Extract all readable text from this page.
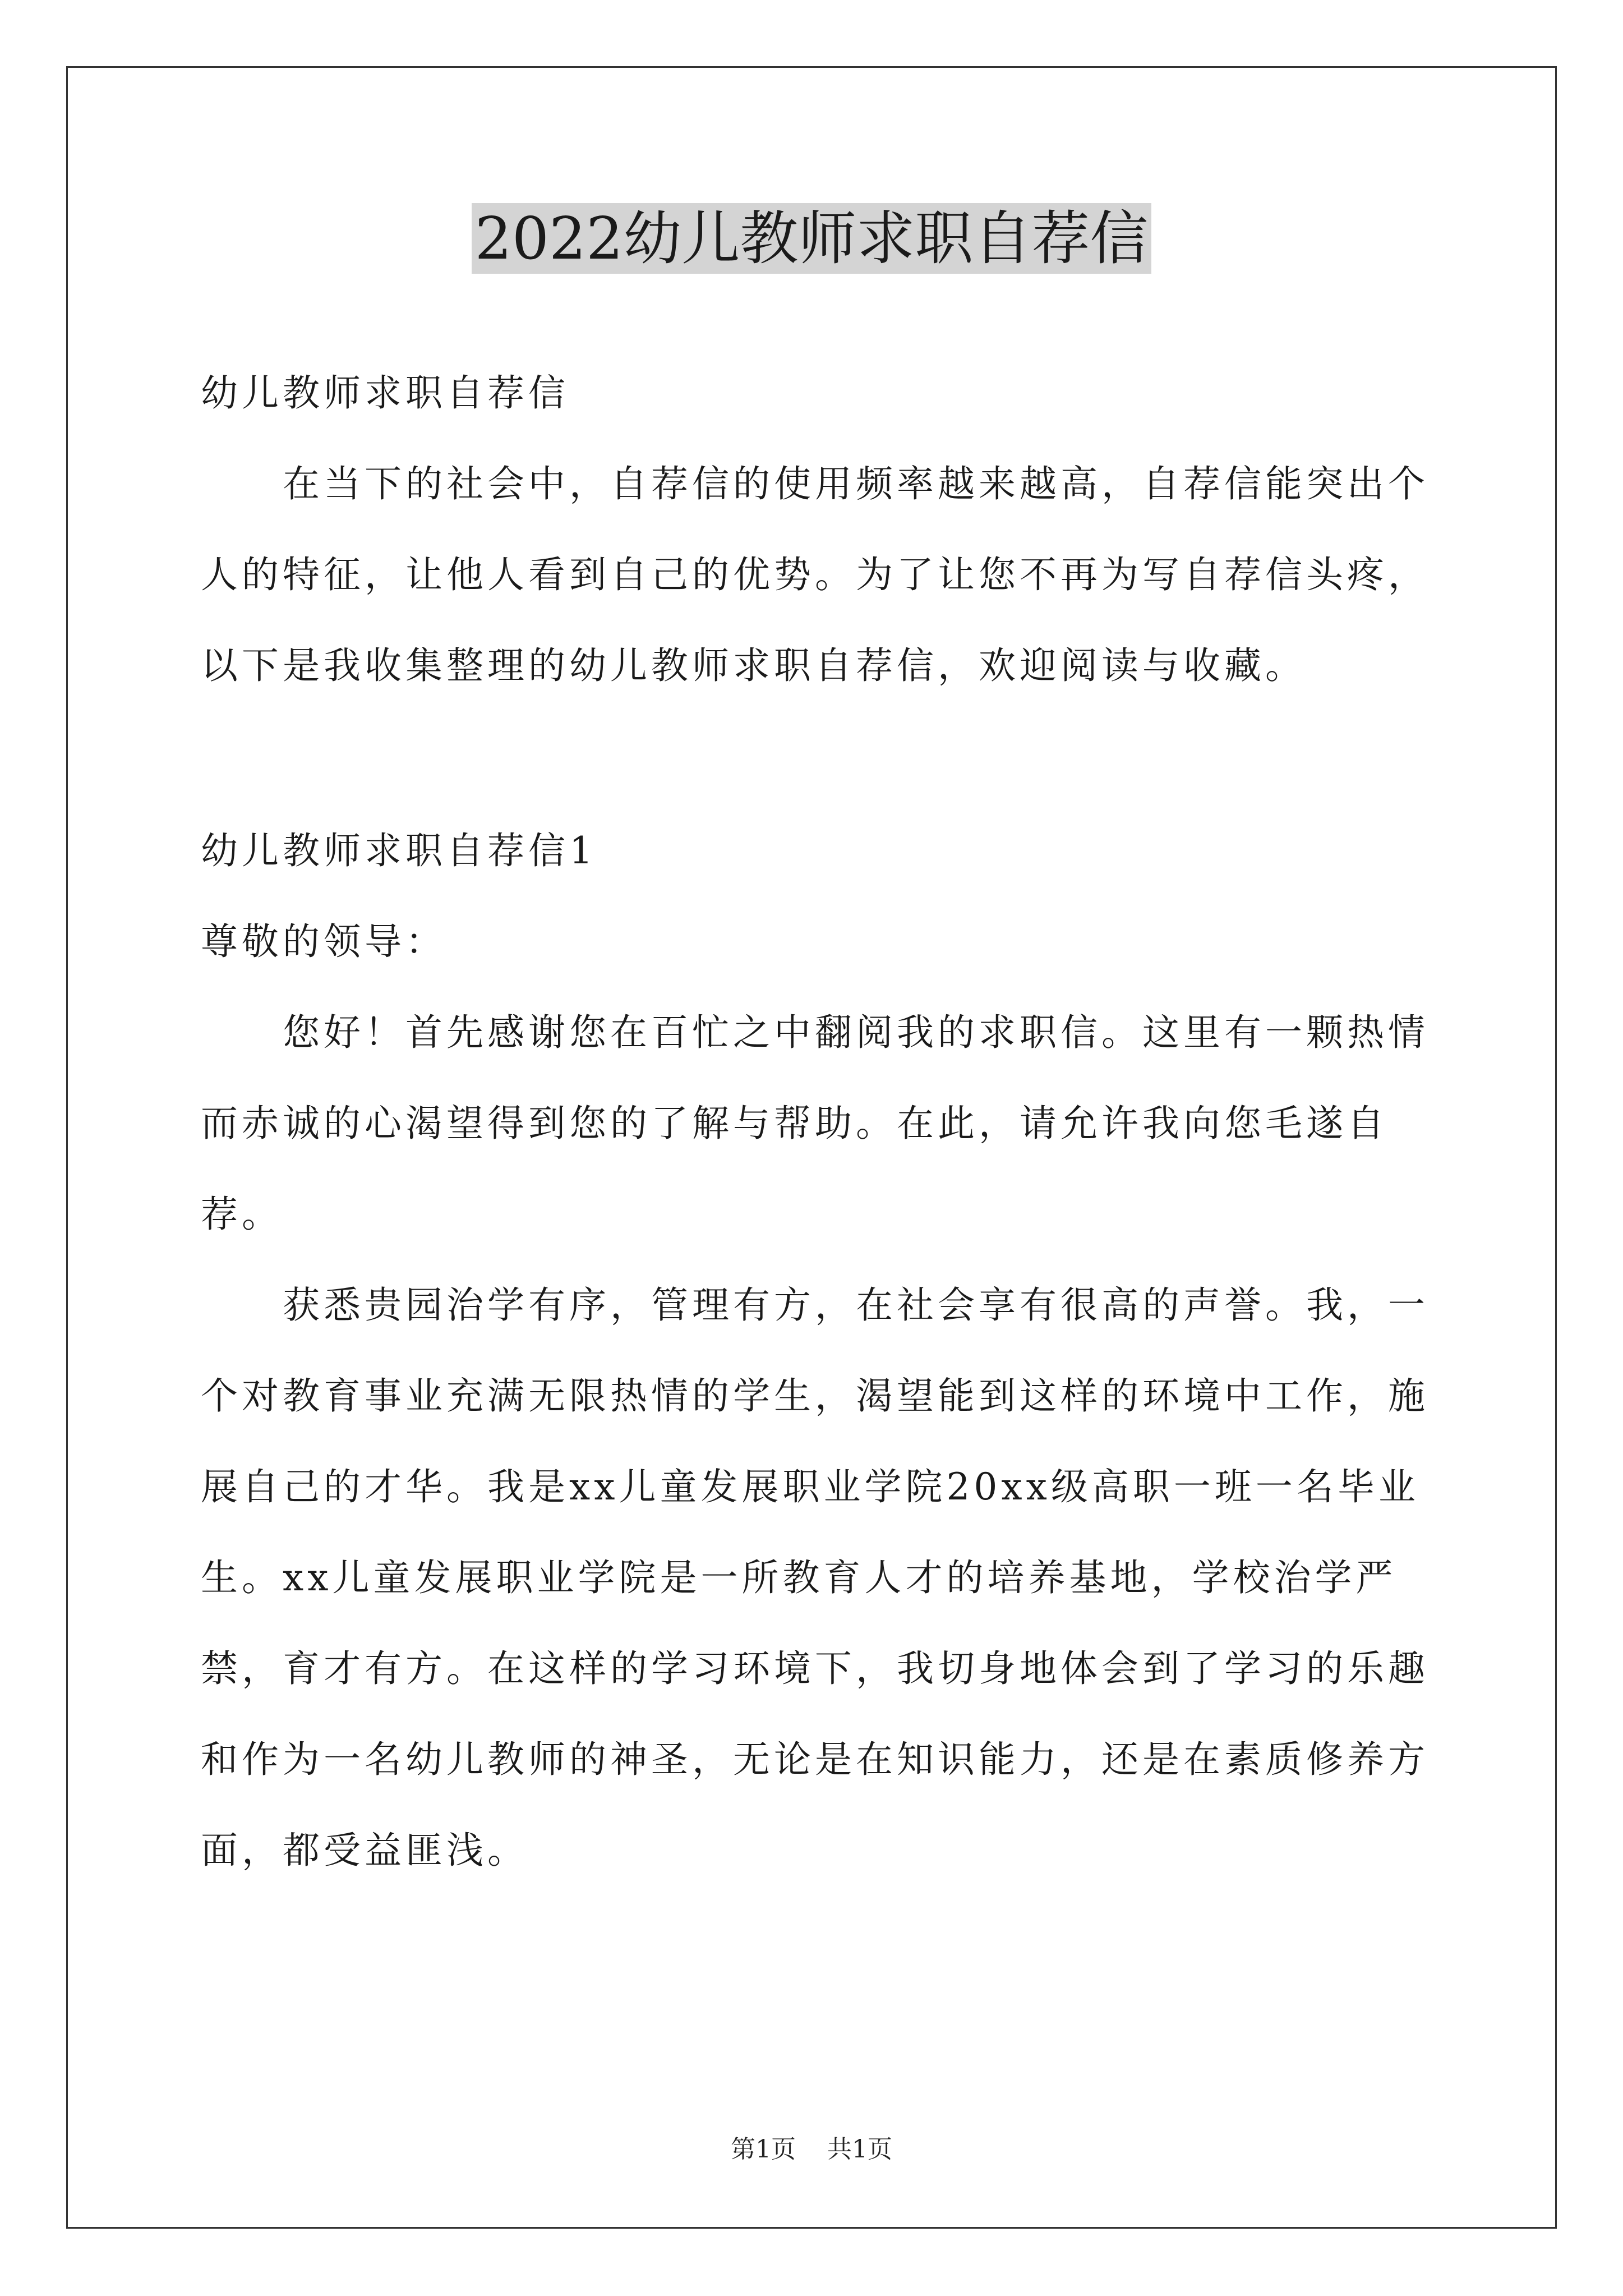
2022幼儿教师求职自荐信

幼儿教师求职自荐信

在当下的社会中，自荐信的使用频率越来越高，自荐信能突出个人的特征，让他人看到自己的优势。为了让您不再为写自荐信头疼，以下是我收集整理的幼儿教师求职自荐信，欢迎阅读与收藏。

幼儿教师求职自荐信1

尊敬的领导：

您好！首先感谢您在百忙之中翻阅我的求职信。这里有一颗热情而赤诚的心渴望得到您的了解与帮助。在此，请允许我向您毛遂自荐。

获悉贵园治学有序，管理有方，在社会享有很高的声誉。我，一个对教育事业充满无限热情的学生，渴望能到这样的环境中工作，施展自己的才华。我是xx儿童发展职业学院20xx级高职一班一名毕业生。xx儿童发展职业学院是一所教育人才的培养基地，学校治学严禁，育才有方。在这样的学习环境下，我切身地体会到了学习的乐趣和作为一名幼儿教师的神圣，无论是在知识能力，还是在素质修养方面，都受益匪浅。

第1页 共1页
